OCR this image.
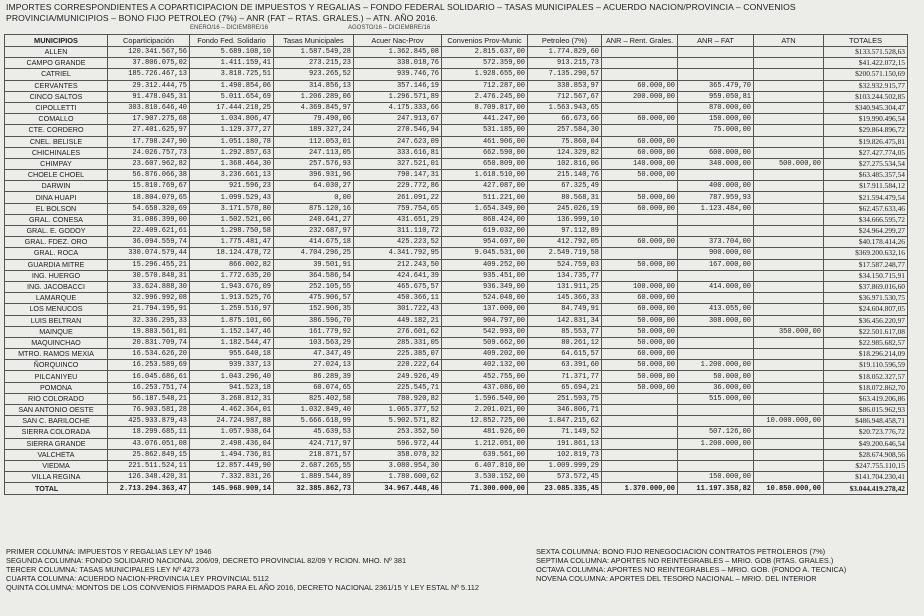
IMPORTES CORRESPONDIENTES A COPARTICIPACION DE IMPUESTOS Y REGALIAS – FONDO FEDERAL SOLIDARIO – TASAS MUNICIPALES – ACUERDO NACION/PROVINCIA – CONVENIOS
PROVINCIA/MUNICIPIOS – BONO FIJO PETROLEO (7%) – ANR (FAT – RTAS. GRALES.) – ATN. AÑO 2016.
ENERO/16 – DICIEMBRE/16	AGOSTO/16 – DICIEMBRE/16
MUNICIPIOS	Coparticipación	Fondo Fed. Solidario	Tasas Municipales	Acuer Nac-Prov	Convenios Prov-Munic	Petroleo (7%)	ANR – Rent. Grales.	ANR – FAT	ATN	TOTALES
ALLEN	120.341.567,56	5.689.108,10	1.587.549,28	1.362.845,08	2.815.637,00	1.774.829,60				$133.571.528,63
CAMPO GRANDE	37.806.075,02	1.411.159,41	273.215,23	338.018,76	572.359,00	913.215,73				$41.422.072,15
CATRIEL	185.726.467,13	3.818.725,51	923.265,52	939.746,76	1.928.655,00	7.135.290,57				$200.571.150,69
CERVANTES	29.312.444,75	1.490.854,06	314.856,13	357.146,19	712.287,00	338.853,97	60.000,00	365.479,70		$32.932.915,77
CINCO SALTOS	91.478.045,31	5.011.654,69	1.206.289,06	1.296.571,89	2.476.245,00	712.567,67	200.000,00	959.050,81		$103.244.502,85
CIPOLLETTI	303.810.646,40	17.444.218,25	4.369.845,97	4.175.333,66	8.709.817,00	1.563.943,65		870.000,00		$340.945.304,47
COMALLO	17.907.275,68	1.034.806,47	79.490,06	247.913,67	441.247,00	66.673,66	60.000,00	150.000,00		$19.990.496,54
CTE. CORDERO	27.401.625,97	1.129.377,27	189.327,24	270.546,94	531.185,00	257.584,30		75.000,00		$29.864.896,72
CNEL. BELISLE	17.798.247,90	1.051.180,78	112.053,01	247.623,09	461.906,00	75.860,04	60.000,00			$19.826.475,81
CHICHINALES	24.026.757,73	1.292.857,63	247.113,05	333.616,81	662.590,00	124.329,82	60.000,00	600.000,00		$27.427.774,05
CHIMPAY	23.607.962,82	1.368.464,30	257.576,93	327.521,01	650.809,00	102.816,06	140.000,00	340.000,00	500.000,00	$27.275.534,54
CHOELE CHOEL	56.876.066,38	3.236.661,13	396.931,96	790.147,31	1.618.510,00	215.140,76	50.000,00			$63.485.357,54
DARWIN	15.810.769,67	921.596,23	64.030,27	229.772,86	427.087,00	67.325,49		400.000,00		$17.911.584,12
DINA HUAPI	18.804.079,65	1.099.529,43	0,00	261.091,22	511.221,00	80.568,31	50.000,00	787.959,93		$21.594.479,54
EL BOLSON	54.658.320,69	3.171.578,80	875.120,16	759.754,65	1.654.349,00	245.026,19	60.000,00	1.123.484,00		$62.457.633,46
GRAL. CONESA	31.086.399,00	1.502.521,06	240.641,27	431.651,29	868.424,00	136.999,10				$34.666.595,72
GRAL. E. GODOY	22.409.621,61	1.298.750,58	232.687,97	311.110,72	619.032,00	97.112,89				$24.964.299,27
GRAL. FDEZ. ORO	36.094.559,74	1.775.481,47	414.675,18	425.223,52	954.697,00	412.792,05	60.000,00	373.704,00		$40.178.414,26
GRAL. ROCA	330.074.579,44	18.124.478,72	4.704.296,25	4.341.792,95	9.045.531,00	2.549.719,58		900.000,00		$369.200.632,16
GUARDIA MITRE	15.296.455,21	866.002,82	39.501,91	212.243,50	409.252,00	524.759,03	50.000,00	167.000,00		$17.587.248,77
ING. HUERGO	30.570.848,31	1.772.635,20	364.586,54	424.641,39	935.451,00	134.735,77				$34.150.715,91
ING. JACOBACCI	33.624.888,30	1.943.676,09	252.105,55	465.675,57	936.349,00	131.911,25	100.000,00	414.000,00		$37.869.016,60
LAMARQUE	32.996.992,08	1.913.525,76	475.906,57	450.366,11	524.048,00	145.366,33	60.000,00			$36.971.530,75
LOS MENUCOS	21.794.195,91	1.259.516,97	152.906,35	301.722,43	137.000,00	84.749,91	60.000,00	413.055,00		$24.604.807,05
LUIS BELTRAN	32.336.295,33	1.875.101,06	386.596,70	449.182,21	904.797,00	142.831,34	50.000,00	308.000,00		$36.456.220,97
MAINQUE	19.883.561,01	1.152.147,46	161.779,92	276.601,62	542.993,00	85.553,77	50.000,00		350.000,00	$22.501.617,08
MAQUINCHAO	20.831.709,74	1.182.544,47	103.563,29	285.331,05	509.662,00	80.261,12	50.000,00			$22.985.682,57
MTRO. RAMOS MEXIA	16.534.626,20	955.640,18	47.347,49	225.385,07	409.202,00	64.615,57	60.000,00			$18.296.214,09
ÑORQUINCO	16.253.589,69	939.337,13	27.024,13	220.222,64	402.132,00	63.391,60	50.000,00	1.200.000,00		$19.110.596,59
PILCANIYEU	16.045.686,61	1.043.296,40	86.289,39	249.926,49	452.755,00	71.371,77	50.000,00	50.000,00		$18.052.327,57
POMONA	16.253.751,74	941.523,18	60.074,65	225.545,71	437.086,00	65.694,21	50.000,00	36.000,00		$18.072.862,70
RIO COLORADO	56.187.548,21	3.268.812,31	825.402,58	780.920,82	1.596.540,00	251.593,75		515.000,00		$63.419.206,86
SAN ANTONIO OESTE	76.903.581,28	4.462.364,01	1.032.849,40	1.065.377,52	2.201.021,00	346.806,71				$86.015.962,93
SAN C. BARILOCHE	425.933.879,43	24.724.987,88	5.666.618,99	5.902.571,82	12.852.725,00	1.847.215,62			10.000.000,00	$486.948.458,71
SIERRA COLORADA	18.299.685,11	1.057.938,64	45.639,53	253.352,50	481.926,00	71.149,52		507.126,00		$20.723.776,72
SIERRA GRANDE	43.076.051,08	2.498.436,04	424.717,97	596.972,44	1.212.051,00	191.861,13		1.200.000,00		$49.200.646,54
VALCHETA	25.862.849,15	1.494.736,81	218.871,57	358.070,32	639.561,00	102.819,73				$28.674.908,56
VIEDMA	221.511.524,11	12.857.449,90	2.687.265,55	3.080.954,30	6.407.810,00	1.009.999,29				$247.755.110,15
VILLA REGINA	126.348.420,31	7.332.831,26	1.889.544,89	1.780.600,62	3.530.152,00	573.572,45		150.000,00		$141.704.230,41
TOTAL	2.713.294.363,47	145.968.909,14	32.385.862,73	34.967.448,46	71.300.000,00	23.085.335,45	1.370.000,00	11.197.358,82	10.850.000,00	$3.044.419.278,42
PRIMER COLUMNA: IMPUESTOS Y REGALIAS LEY Nº 1946
SEGUNDA COLUMNA: FONDO SOLIDARIO NACIONAL 206/09, DECRETO PROVINCIAL 82/09 Y RCION. MHO. Nº 381
TERCER COLUMNA: TASAS MUNICIPALES LEY Nº 4273
CUARTA COLUMNA: ACUERDO NACION-PROVINCIA LEY PROVINCIAL 5112
QUINTA COLUMNA: MONTOS DE LOS CONVENIOS FIRMADOS PARA EL AÑO 2016, DECRETO NACIONAL 2361/15 Y LEY ESTAL Nº 5.112
SEXTA COLUMNA: BONO FIJO RENEGOCIACION CONTRATOS PETROLEROS (7%)
SEPTIMA COLUMNA: APORTES NO REINTEGRABLES – MRIO. GOB (RTAS. GRALES.)
OCTAVA COLUMNA: APORTES NO REINTEGRABLES – MRIO. GOB. (FONDO A. TECNICA)
NOVENA COLUMNA: APORTES DEL TESORO NACIONAL – MRIO. DEL INTERIOR
